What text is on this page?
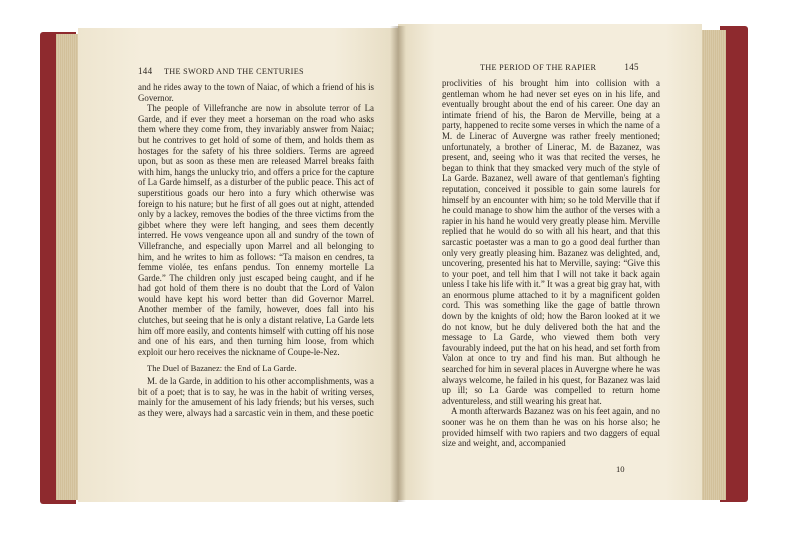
144 THE SWORD AND THE CENTURIES

and he rides away to the town of Naiac, of which a friend of his is Governor.

The people of Villefranche are now in absolute terror of La Garde, and if ever they meet a horseman on the road who asks them where they come from, they invariably answer from Naiac; but he contrives to get hold of some of them, and holds them as hostages for the safety of his three soldiers. Terms are agreed upon, but as soon as these men are released Marrel breaks faith with him, hangs the unlucky trio, and offers a price for the capture of La Garde himself, as a disturber of the public peace. This act of superstitious goads our hero into a fury which otherwise was foreign to his nature; but he first of all goes out at night, attended only by a lackey, removes the bodies of the three victims from the gibbet where they were left hanging, and sees them decently interred. He vows vengeance upon all and sundry of the town of Villefranche, and especially upon Marrel and all belonging to him, and he writes to him as follows: “Ta maison en cendres, ta femme violée, tes enfans pendus. Ton ennemy mortelle La Garde.” The children only just escaped being caught, and if he had got hold of them there is no doubt that the Lord of Valon would have kept his word better than did Governor Marrel. Another member of the family, however, does fall into his clutches, but seeing that he is only a distant relative, La Garde lets him off more easily, and contents himself with cutting off his nose and one of his ears, and then turning him loose, from which exploit our hero receives the nickname of Coupe-le-Nez.

The Duel of Bazanez: the End of La Garde.

M. de la Garde, in addition to his other accomplishments, was a bit of a poet; that is to say, he was in the habit of writing verses, mainly for the amusement of his lady friends; but his verses, such as they were, always had a sarcastic vein in them, and these poetic

THE PERIOD OF THE RAPIER	145

proclivities of his brought him into collision with a gentleman whom he had never set eyes on in his life, and eventually brought about the end of his career. One day an intimate friend of his, the Baron de Merville, being at a party, happened to recite some verses in which the name of a M. de Linerac of Auvergne was rather freely mentioned; unfortunately, a brother of Linerac, M. de Bazanez, was present, and, seeing who it was that recited the verses, he began to think that they smacked very much of the style of La Garde. Bazanez, well aware of that gentleman's fighting reputation, conceived it possible to gain some laurels for himself by an encounter with him; so he told Merville that if he could manage to show him the author of the verses with a rapier in his hand he would very greatly please him. Merville replied that he would do so with all his heart, and that this sarcastic poetaster was a man to go a good deal further than only very greatly pleasing him. Bazanez was delighted, and, uncovering, presented his hat to Merville, saying: “Give this to your poet, and tell him that I will not take it back again unless I take his life with it.” It was a great big gray hat, with an enormous plume attached to it by a magnificent golden cord. This was something like the gage of battle thrown down by the knights of old; how the Baron looked at it we do not know, but he duly delivered both the hat and the message to La Garde, who viewed them both very favourably indeed, put the hat on his head, and set forth from Valon at once to try and find his man. But although he searched for him in several places in Auvergne where he was always welcome, he failed in his quest, for Bazanez was laid up ill; so La Garde was compelled to return home adventureless, and still wearing his great hat.

A month afterwards Bazanez was on his feet again, and no sooner was he on them than he was on his horse also; he provided himself with two rapiers and two daggers of equal size and weight, and, accompanied

10
